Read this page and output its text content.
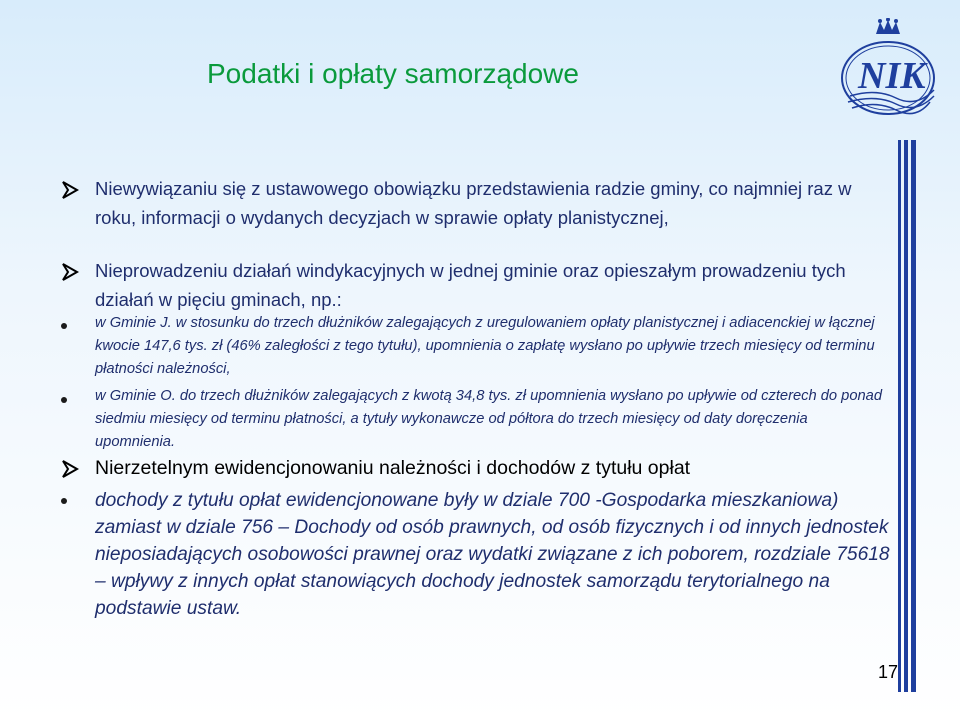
Podatki i opłaty samorządowe	NIK

Niewywiązaniu się z ustawowego obowiązku przedstawienia radzie gminy, co najmniej raz w roku, informacji o wydanych decyzjach w sprawie opłaty planistycznej,

Nieprowadzeniu działań windykacyjnych w jednej gminie oraz opieszałym prowadzeniu tych działań w pięciu gminach, np.:

w Gminie J. w stosunku do trzech dłużników zalegających z uregulowaniem opłaty planistycznej i adiacenckiej w łącznej kwocie 147,6 tys. zł (46% zaległości z tego tytułu), upomnienia o zapłatę wysłano po upływie trzech miesięcy od terminu płatności należności,

w Gminie O. do trzech dłużników zalegających z kwotą 34,8 tys. zł upomnienia wysłano po upływie od czterech do ponad siedmiu miesięcy od terminu płatności, a tytuły wykonawcze od półtora do trzech miesięcy od daty doręczenia upomnienia.

Nierzetelnym ewidencjonowaniu należności i dochodów z tytułu opłat

dochody z tytułu opłat ewidencjonowane były w dziale 700 -Gospodarka mieszkaniowa) zamiast w dziale 756 – Dochody od osób prawnych, od osób fizycznych i od innych jednostek nieposiadających osobowości prawnej oraz wydatki związane z ich poborem, rozdziale 75618 – wpływy z innych opłat stanowiących dochody jednostek samorządu terytorialnego na podstawie ustaw.

17
